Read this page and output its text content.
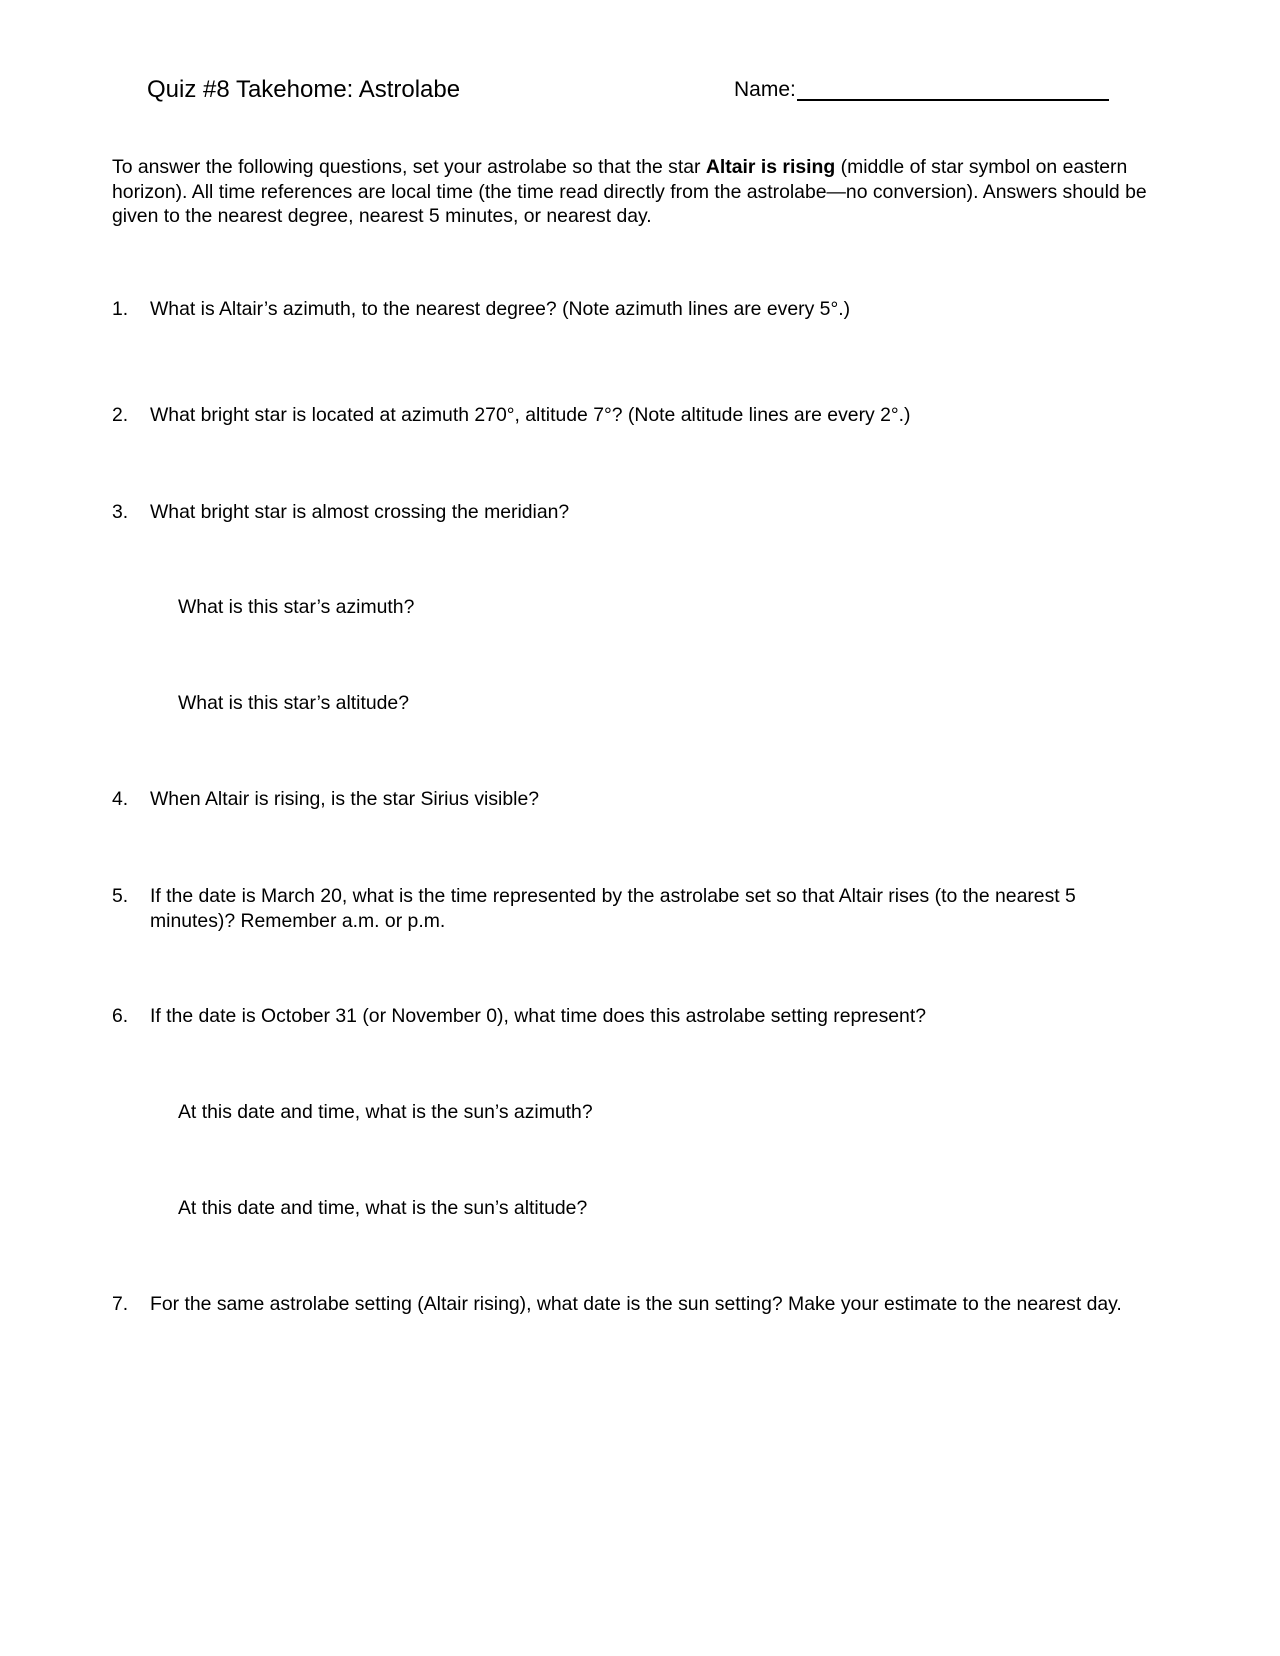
Quiz #8 Takehome: Astrolabe	Name:
To answer the following questions, set your astrolabe so that the star Altair is rising (middle of star symbol on eastern horizon). All time references are local time (the time read directly from the astrolabe—no conversion). Answers should be given to the nearest degree, nearest 5 minutes, or nearest day.
1. What is Altair’s azimuth, to the nearest degree? (Note azimuth lines are every 5°.)
2. What bright star is located at azimuth 270°, altitude 7°? (Note altitude lines are every 2°.)
3. What bright star is almost crossing the meridian?
What is this star’s azimuth?
What is this star’s altitude?
4. When Altair is rising, is the star Sirius visible?
5. If the date is March 20, what is the time represented by the astrolabe set so that Altair rises (to the nearest 5 minutes)? Remember a.m. or p.m.
6. If the date is October 31 (or November 0), what time does this astrolabe setting represent?
At this date and time, what is the sun’s azimuth?
At this date and time, what is the sun’s altitude?
7. For the same astrolabe setting (Altair rising), what date is the sun setting? Make your estimate to the nearest day.
